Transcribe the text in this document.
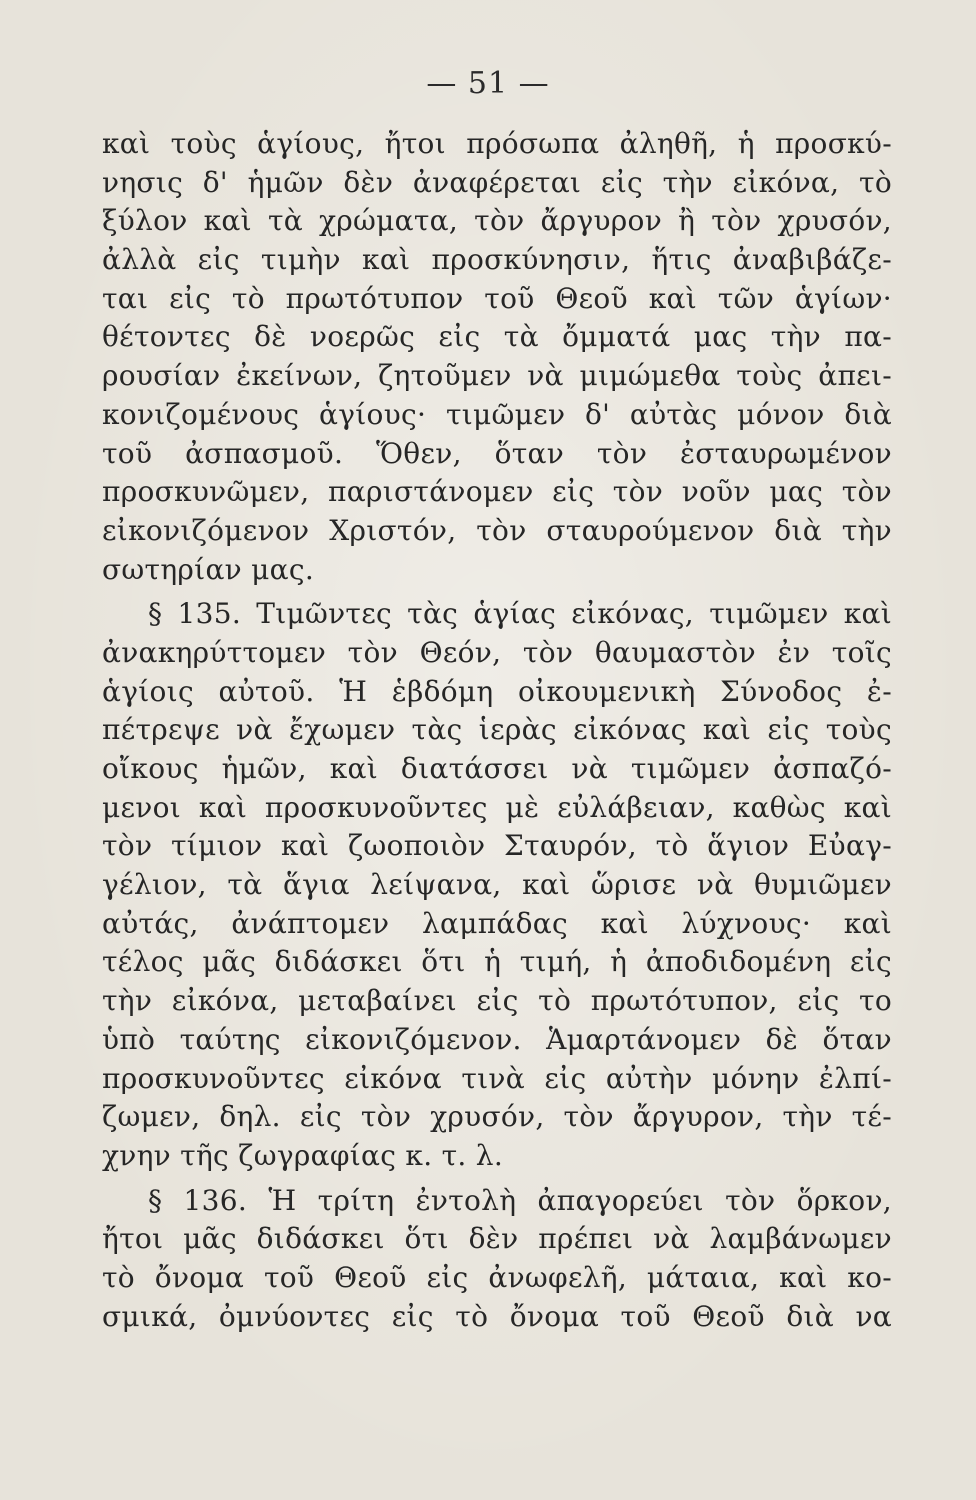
— 51 —
καὶ τοὺς ἁγίους, ἤτοι πρόσωπα ἀληθῆ, ἡ προσκύ-
νησις δ' ἡμῶν δὲν ἀναφέρεται εἰς τὴν εἰκόνα, τὸ
ξύλον καὶ τὰ χρώματα, τὸν ἄργυρον ἢ τὸν χρυσόν,
ἀλλὰ εἰς τιμὴν καὶ προσκύνησιν, ἥτις ἀναβιβάζε-
ται εἰς τὸ πρωτότυπον τοῦ Θεοῦ καὶ τῶν ἁγίων·
θέτοντες δὲ νοερῶς εἰς τὰ ὄμματά μας τὴν πα-
ρουσίαν ἐκείνων, ζητοῦμεν νὰ μιμώμεθα τοὺς ἀπει-
κονιζομένους ἁγίους· τιμῶμεν δ' αὐτὰς μόνον διὰ
τοῦ ἀσπασμοῦ. Ὅθεν, ὅταν τὸν ἐσταυρωμένον
προσκυνῶμεν, παριστάνομεν εἰς τὸν νοῦν μας τὸν
εἰκονιζόμενον Χριστόν, τὸν σταυρούμενον διὰ τὴν
σωτηρίαν μας.
§ 135. Τιμῶντες τὰς ἁγίας εἰκόνας, τιμῶμεν καὶ
ἀνακηρύττομεν τὸν Θεόν, τὸν θαυμαστὸν ἐν τοῖς
ἁγίοις αὐτοῦ. Ἡ ἑβδόμη οἰκουμενικὴ Σύνοδος ἐ-
πέτρεψε νὰ ἔχωμεν τὰς ἱερὰς εἰκόνας καὶ εἰς τοὺς
οἴκους ἡμῶν, καὶ διατάσσει νὰ τιμῶμεν ἀσπαζό-
μενοι καὶ προσκυνοῦντες μὲ εὐλάβειαν, καθὼς καὶ
τὸν τίμιον καὶ ζωοποιὸν Σταυρόν, τὸ ἅγιον Εὐαγ-
γέλιον, τὰ ἅγια λείψανα, καὶ ὥρισε νὰ θυμιῶμεν
αὐτάς, ἀνάπτομεν λαμπάδας καὶ λύχνους· καὶ
τέλος μᾶς διδάσκει ὅτι ἡ τιμή, ἡ ἀποδιδομένη εἰς
τὴν εἰκόνα, μεταβαίνει εἰς τὸ πρωτότυπον, εἰς το
ὑπὸ ταύτης εἰκονιζόμενον. Ἁμαρτάνομεν δὲ ὅταν
προσκυνοῦντες εἰκόνα τινὰ εἰς αὐτὴν μόνην ἐλπί-
ζωμεν, δηλ. εἰς τὸν χρυσόν, τὸν ἄργυρον, τὴν τέ-
χνην τῆς ζωγραφίας κ. τ. λ.
§ 136. Ἡ τρίτη ἐντολὴ ἀπαγορεύει τὸν ὅρκον,
ἤτοι μᾶς διδάσκει ὅτι δὲν πρέπει νὰ λαμβάνωμεν
τὸ ὄνομα τοῦ Θεοῦ εἰς ἀνωφελῆ, μάταια, καὶ κο-
σμικά, ὀμνύοντες εἰς τὸ ὄνομα τοῦ Θεοῦ διὰ να
